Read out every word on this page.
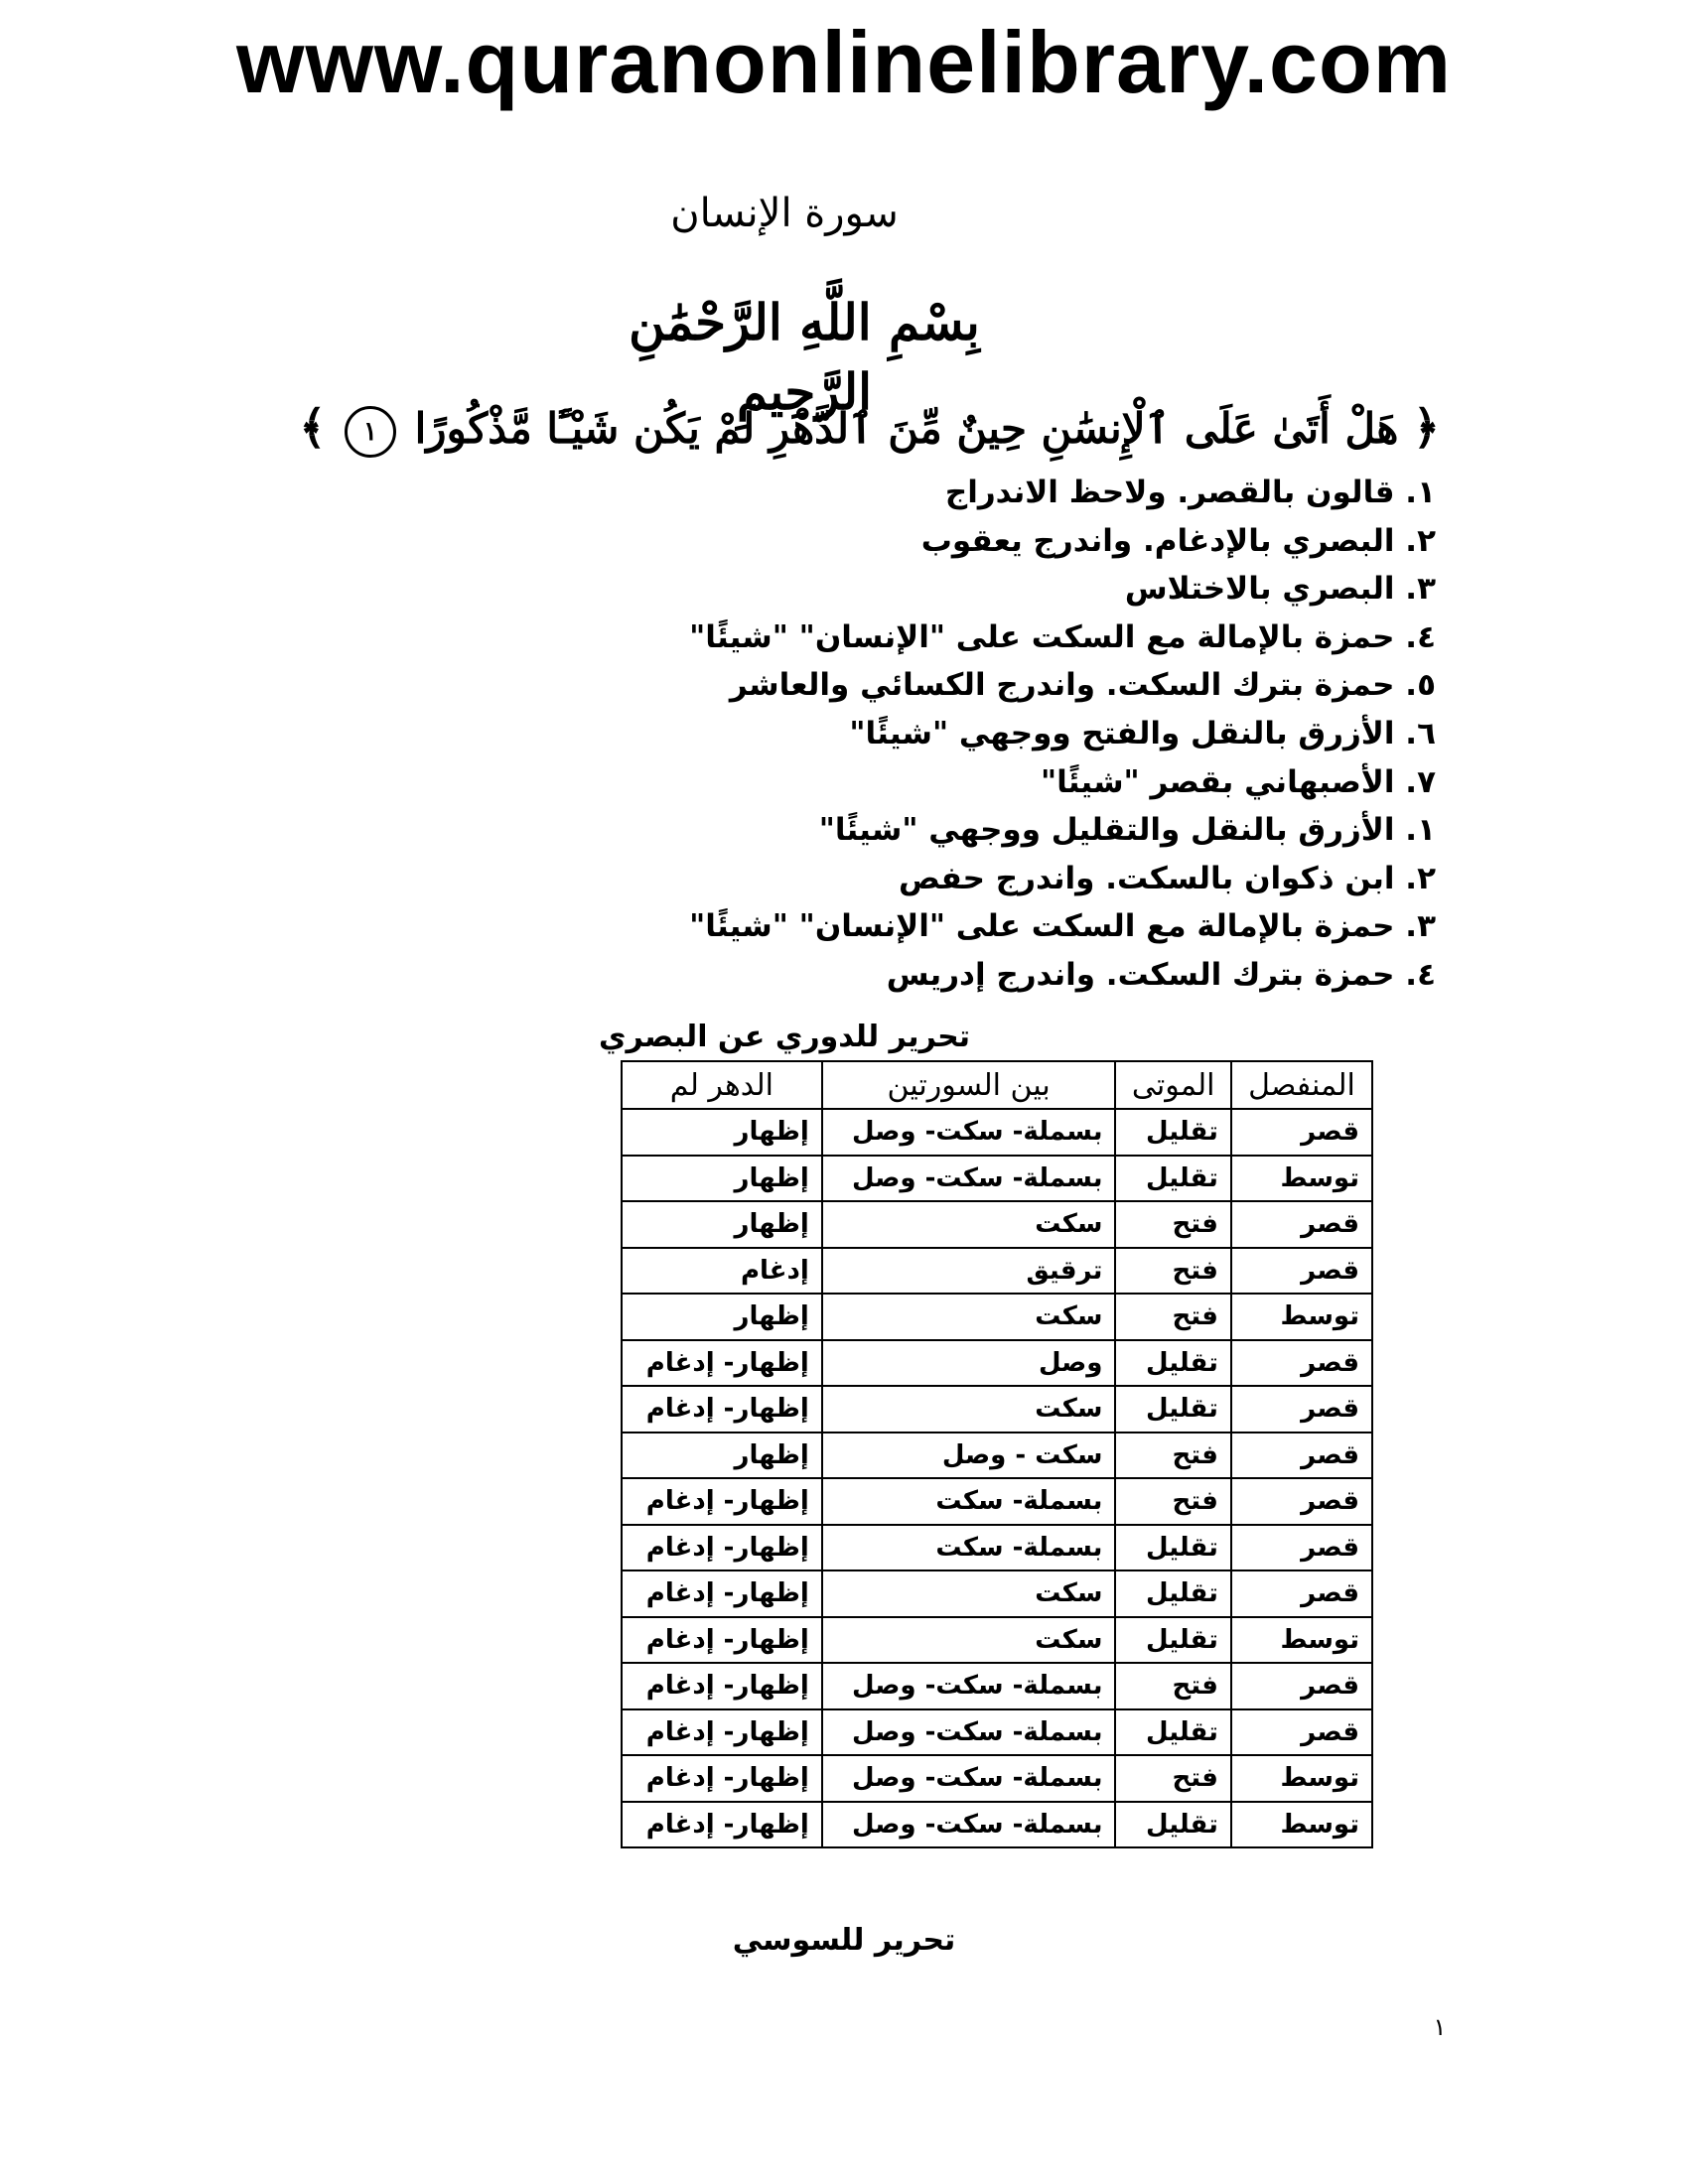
www.quranonlinelibrary.com
سورة الإنسان
بِسْمِ اللَّهِ الرَّحْمَٰنِ الرَّحِيمِ
﴿ هَلْ أَتَىٰ عَلَى ٱلْإِنسَٰنِ حِينٌ مِّنَ ٱلدَّهْرِ لَمْ يَكُن شَيْـًٔا مَّذْكُورًا ١ ﴾
١. قالون بالقصر. ولاحظ الاندراج
٢. البصري بالإدغام. واندرج يعقوب
٣. البصري بالاختلاس
٤. حمزة بالإمالة مع السكت على "الإنسان" "شيئًا"
٥. حمزة بترك السكت. واندرج الكسائي والعاشر
٦. الأزرق بالنقل والفتح ووجهي "شيئًا"
٧. الأصبهاني بقصر "شيئًا"
١. الأزرق بالنقل والتقليل ووجهي "شيئًا"
٢. ابن ذكوان بالسكت. واندرج حفص
٣. حمزة بالإمالة مع السكت على "الإنسان" "شيئًا"
٤. حمزة بترك السكت. واندرج إدريس
تحرير للدوري عن البصري
المنفصل	الموتى	بين السورتين	الدهر لم
قصر	تقليل	بسملة- سكت- وصل	إظهار
توسط	تقليل	بسملة- سكت- وصل	إظهار
قصر	فتح	سكت	إظهار
قصر	فتح	ترقيق	إدغام
توسط	فتح	سكت	إظهار
قصر	تقليل	وصل	إظهار- إدغام
قصر	تقليل	سكت	إظهار- إدغام
قصر	فتح	سكت - وصل	إظهار
قصر	فتح	بسملة- سكت	إظهار- إدغام
قصر	تقليل	بسملة- سكت	إظهار- إدغام
قصر	تقليل	سكت	إظهار- إدغام
توسط	تقليل	سكت	إظهار- إدغام
قصر	فتح	بسملة- سكت- وصل	إظهار- إدغام
قصر	تقليل	بسملة- سكت- وصل	إظهار- إدغام
توسط	فتح	بسملة- سكت- وصل	إظهار- إدغام
توسط	تقليل	بسملة- سكت- وصل	إظهار- إدغام
تحرير للسوسي
١
